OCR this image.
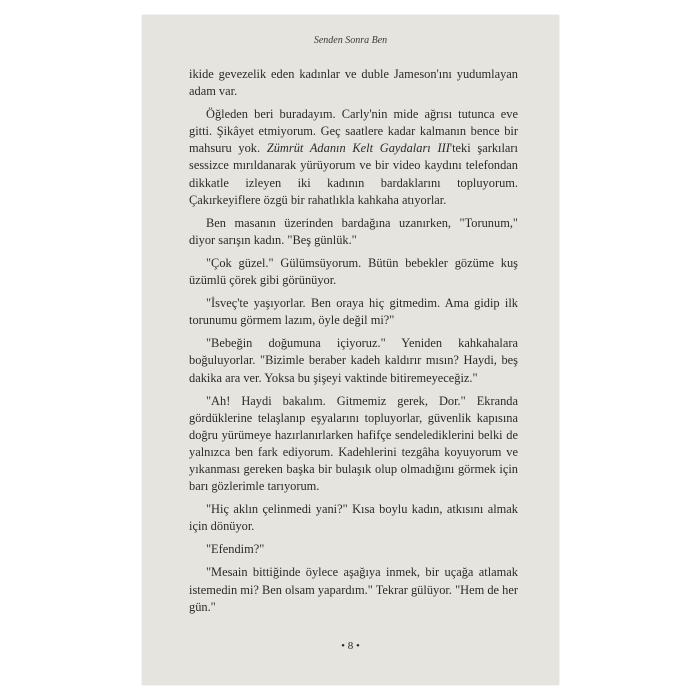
Senden Sonra Ben

ikide gevezelik eden kadınlar ve duble Jameson'ını yudumlayan adam var.

Öğleden beri buradayım. Carly'nin mide ağrısı tutunca eve gitti. Şikâyet etmiyorum. Geç saatlere kadar kalmanın bence bir mahsuru yok. Zümrüt Adanın Kelt Gaydaları III'teki şarkıları sessizce mırıldanarak yürüyorum ve bir video kaydını telefondan dikkatle izleyen iki kadının bardaklarını topluyorum. Çakırkeyiflere özgü bir rahatlıkla kahkaha atıyorlar.

Ben masanın üzerinden bardağına uzanırken, "Torunum," diyor sarışın kadın. "Beş günlük."

"Çok güzel." Gülümsüyorum. Bütün bebekler gözüme kuş üzümlü çörek gibi görünüyor.

"İsveç'te yaşıyorlar. Ben oraya hiç gitmedim. Ama gidip ilk torunumu görmem lazım, öyle değil mi?"

"Bebeğin doğumuna içiyoruz." Yeniden kahkahalara boğuluyorlar. "Bizimle beraber kadeh kaldırır mısın? Haydi, beş dakika ara ver. Yoksa bu şişeyi vaktinde bitiremeyeceğiz."

"Ah! Haydi bakalım. Gitmemiz gerek, Dor." Ekranda gördüklerine telaşlanıp eşyalarını topluyorlar, güvenlik kapısına doğru yürümeye hazırlanırlarken hafifçe sendelediklerini belki de yalnızca ben fark ediyorum. Kadehlerini tezgâha koyuyorum ve yıkanması gereken başka bir bulaşık olup olmadığını görmek için barı gözlerimle tarıyorum.

"Hiç aklın çelinmedi yani?" Kısa boylu kadın, atkısını almak için dönüyor.

"Efendim?"

"Mesain bittiğinde öylece aşağıya inmek, bir uçağa atlamak istemedin mi? Ben olsam yapardım." Tekrar gülüyor. "Hem de her gün."

• 8 •
